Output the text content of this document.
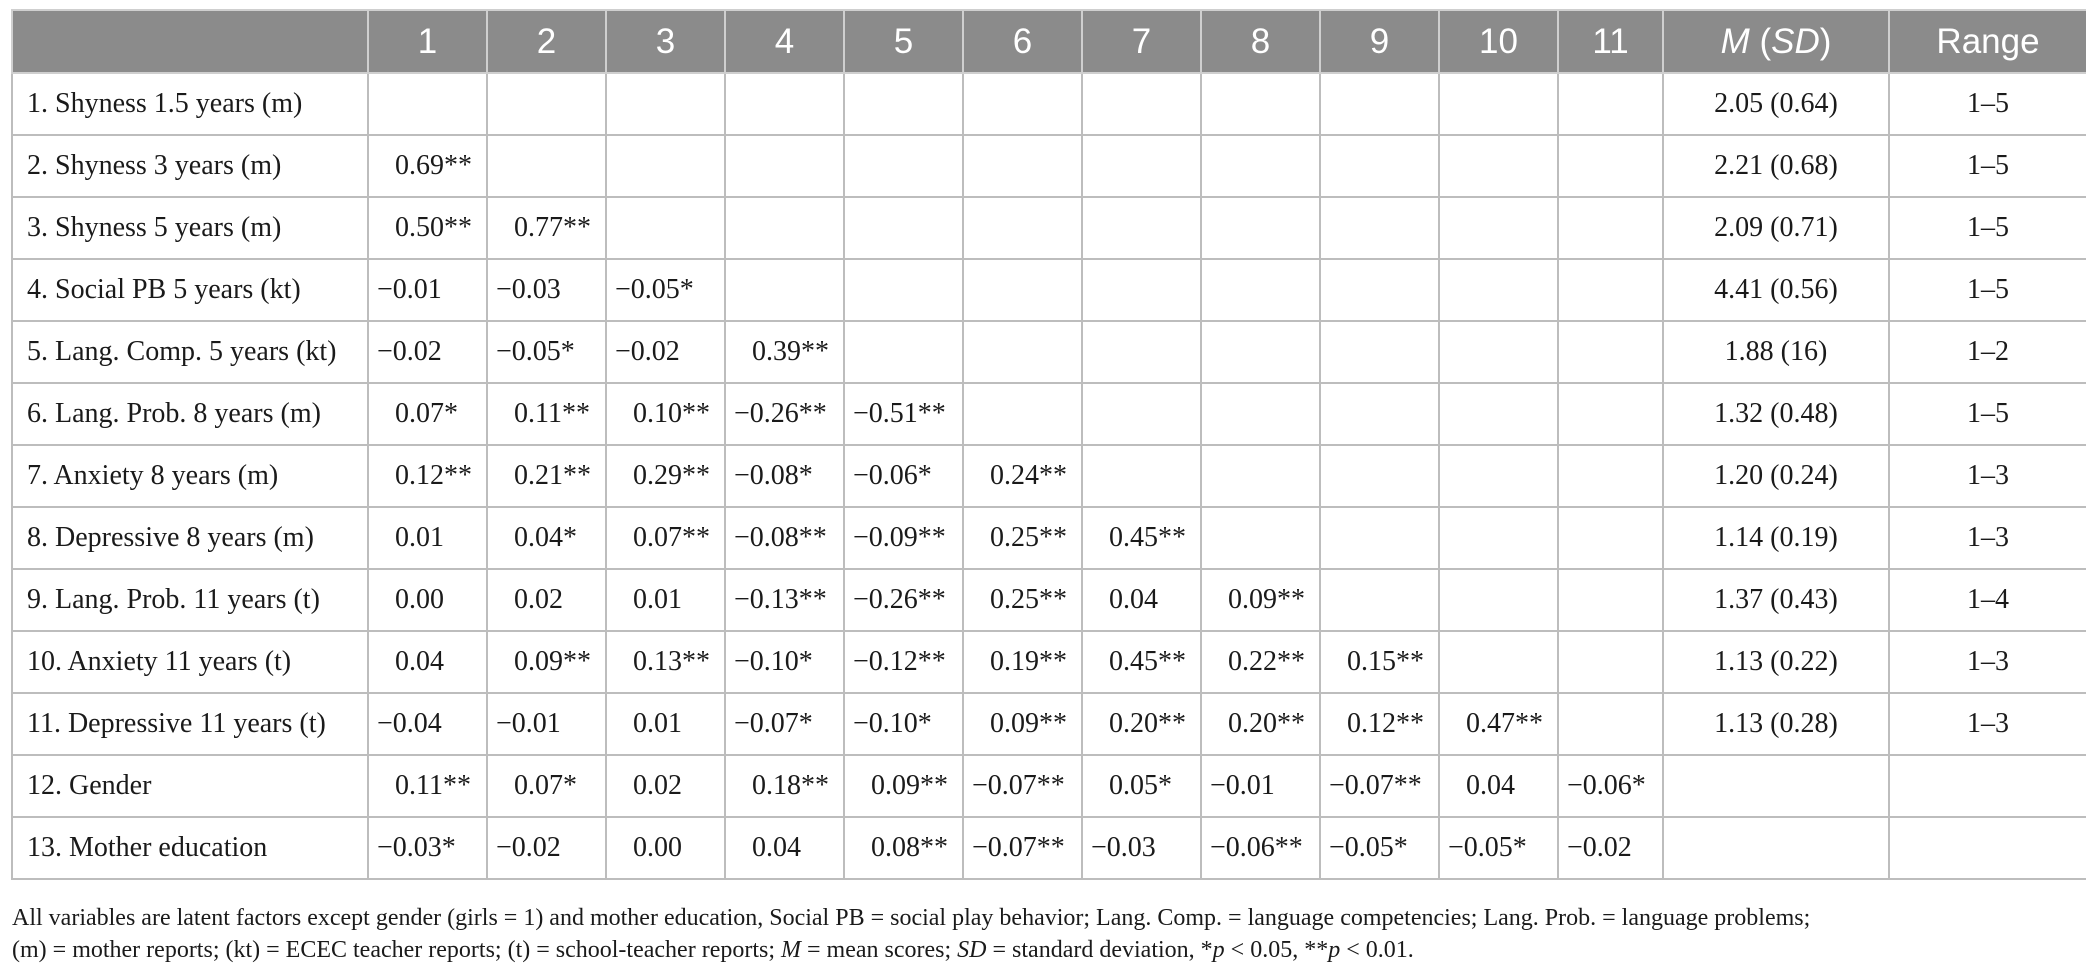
	1	2	3	4	5	6	7	8	9	10	11	M (SD)	Range
1. Shyness 1.5 years (m)												2.05 (0.64)	1–5
2. Shyness 3 years (m)	0.69**											2.21 (0.68)	1–5
3. Shyness 5 years (m)	0.50**	0.77**										2.09 (0.71)	1–5
4. Social PB 5 years (kt)	−0.01	−0.03	−0.05*									4.41 (0.56)	1–5
5. Lang. Comp. 5 years (kt)	−0.02	−0.05*	−0.02	0.39**								1.88 (16)	1–2
6. Lang. Prob. 8 years (m)	0.07*	0.11**	0.10**	−0.26**	−0.51**							1.32 (0.48)	1–5
7. Anxiety 8 years (m)	0.12**	0.21**	0.29**	−0.08*	−0.06*	0.24**						1.20 (0.24)	1–3
8. Depressive 8 years (m)	0.01	0.04*	0.07**	−0.08**	−0.09**	0.25**	0.45**					1.14 (0.19)	1–3
9. Lang. Prob. 11 years (t)	0.00	0.02	0.01	−0.13**	−0.26**	0.25**	0.04	0.09**				1.37 (0.43)	1–4
10. Anxiety 11 years (t)	0.04	0.09**	0.13**	−0.10*	−0.12**	0.19**	0.45**	0.22**	0.15**			1.13 (0.22)	1–3
11. Depressive 11 years (t)	−0.04	−0.01	0.01	−0.07*	−0.10*	0.09**	0.20**	0.20**	0.12**	0.47**		1.13 (0.28)	1–3
12. Gender	0.11**	0.07*	0.02	0.18**	0.09**	−0.07**	0.05*	−0.01	−0.07**	0.04	−0.06*		
13. Mother education	−0.03*	−0.02	0.00	0.04	0.08**	−0.07**	−0.03	−0.06**	−0.05*	−0.05*	−0.02		

All variables are latent factors except gender (girls = 1) and mother education, Social PB = social play behavior; Lang. Comp. = language competencies; Lang. Prob. = language problems;
(m) = mother reports; (kt) = ECEC teacher reports; (t) = school-teacher reports; M = mean scores; SD = standard deviation, *p < 0.05, **p < 0.01.
